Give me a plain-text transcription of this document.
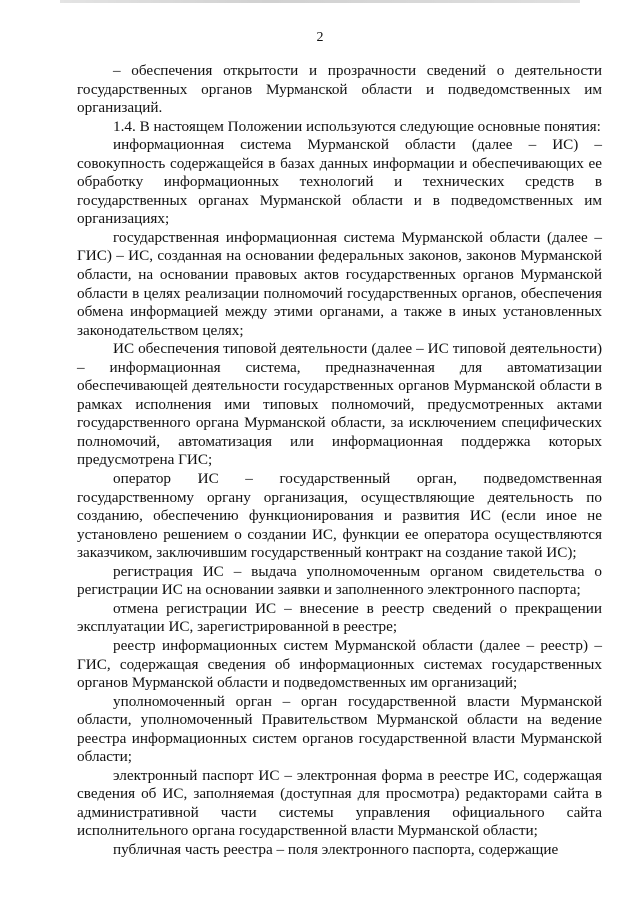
2

– обеспечения открытости и прозрачности сведений о деятельности государственных органов Мурманской области и подведомственных им организаций.

1.4. В настоящем Положении используются следующие основные понятия:

информационная система Мурманской области (далее – ИС) – совокупность содержащейся в базах данных информации и обеспечивающих ее обработку информационных технологий и технических средств в государственных органах Мурманской области и в подведомственных им организациях;

государственная информационная система Мурманской области (далее – ГИС) – ИС, созданная на основании федеральных законов, законов Мурманской области, на основании правовых актов государственных органов Мурманской области в целях реализации полномочий государственных органов, обеспечения обмена информацией между этими органами, а также в иных установленных законодательством целях;

ИС обеспечения типовой деятельности (далее – ИС типовой деятельности) – информационная система, предназначенная для автоматизации обеспечивающей деятельности государственных органов Мурманской области в рамках исполнения ими типовых полномочий, предусмотренных актами государственного органа Мурманской области, за исключением специфических полномочий, автоматизация или информационная поддержка которых предусмотрена ГИС;

оператор ИС – государственный орган, подведомственная государственному органу организация, осуществляющие деятельность по созданию, обеспечению функционирования и развития ИС (если иное не установлено решением о создании ИС, функции ее оператора осуществляются заказчиком, заключившим государственный контракт на создание такой ИС);

регистрация ИС – выдача уполномоченным органом свидетельства о регистрации ИС на основании заявки и заполненного электронного паспорта;

отмена регистрации ИС – внесение в реестр сведений о прекращении эксплуатации ИС, зарегистрированной в реестре;

реестр информационных систем Мурманской области (далее – реестр) – ГИС, содержащая сведения об информационных системах государственных органов Мурманской области и подведомственных им организаций;

уполномоченный орган – орган государственной власти Мурманской области, уполномоченный Правительством Мурманской области на ведение реестра информационных систем органов государственной власти Мурманской области;

электронный паспорт ИС – электронная форма в реестре ИС, содержащая сведения об ИС, заполняемая (доступная для просмотра) редакторами сайта в административной части системы управления официального сайта исполнительного органа государственной власти Мурманской области;

публичная часть реестра – поля электронного паспорта, содержащие
